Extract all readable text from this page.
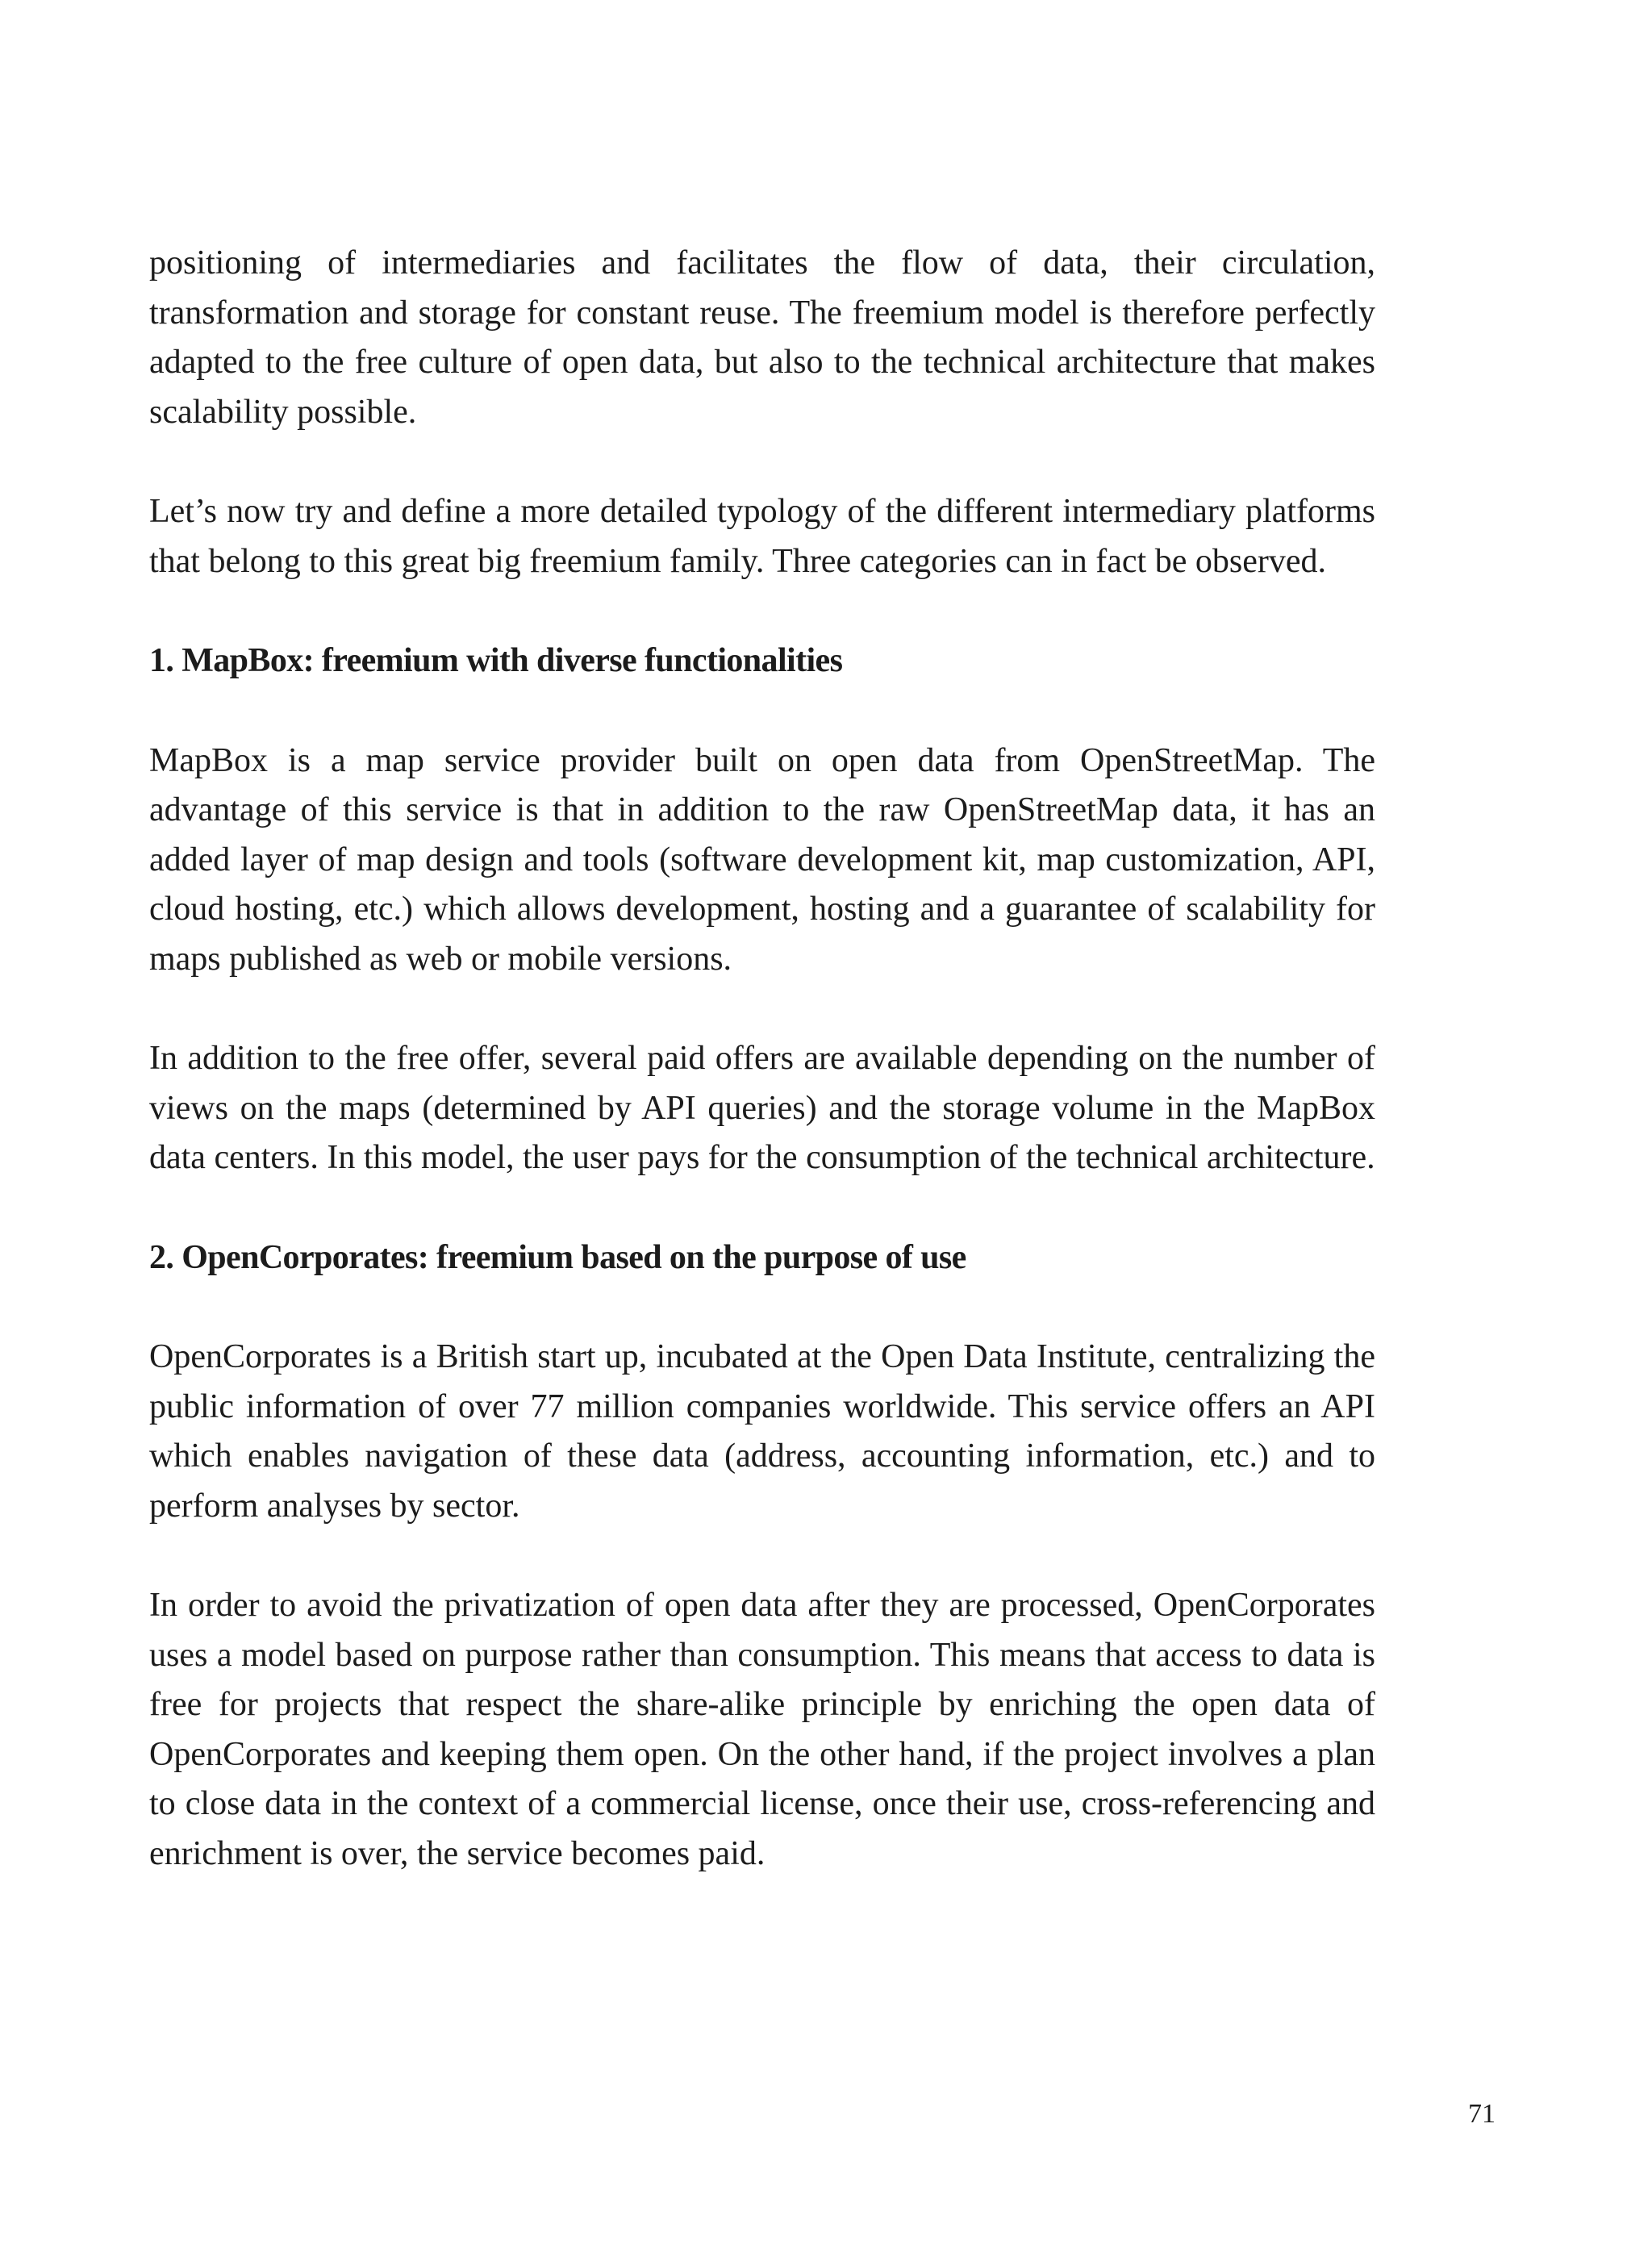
positioning of intermediaries and facilitates the flow of data, their circulation, transformation and storage for constant reuse. The freemium model is therefore perfectly adapted to the free culture of open data, but also to the technical architecture that makes scalability possible.

Let’s now try and define a more detailed typology of the different intermediary platforms that belong to this great big freemium family. Three categories can in fact be observed.

1. MapBox: freemium with diverse functionalities

MapBox is a map service provider built on open data from OpenStreetMap. The advantage of this service is that in addition to the raw OpenStreetMap data, it has an added layer of map design and tools (software development kit, map customization, API, cloud hosting, etc.) which allows development, hosting and a guarantee of scalability for maps published as web or mobile versions.

In addition to the free offer, several paid offers are available depending on the number of views on the maps (determined by API queries) and the storage volume in the MapBox data centers. In this model, the user pays for the consumption of the technical architecture.

2. OpenCorporates: freemium based on the purpose of use

OpenCorporates is a British start up, incubated at the Open Data Institute, centralizing the public information of over 77 million companies worldwide. This service offers an API which enables navigation of these data (address, accounting information, etc.) and to perform analyses by sector.

In order to avoid the privatization of open data after they are processed, OpenCorporates uses a model based on purpose rather than consumption. This means that access to data is free for projects that respect the share-alike principle by enriching the open data of OpenCorporates and keeping them open. On the other hand, if the project involves a plan to close data in the context of a commercial license, once their use, cross-referencing and enrichment is over, the service becomes paid.

71
